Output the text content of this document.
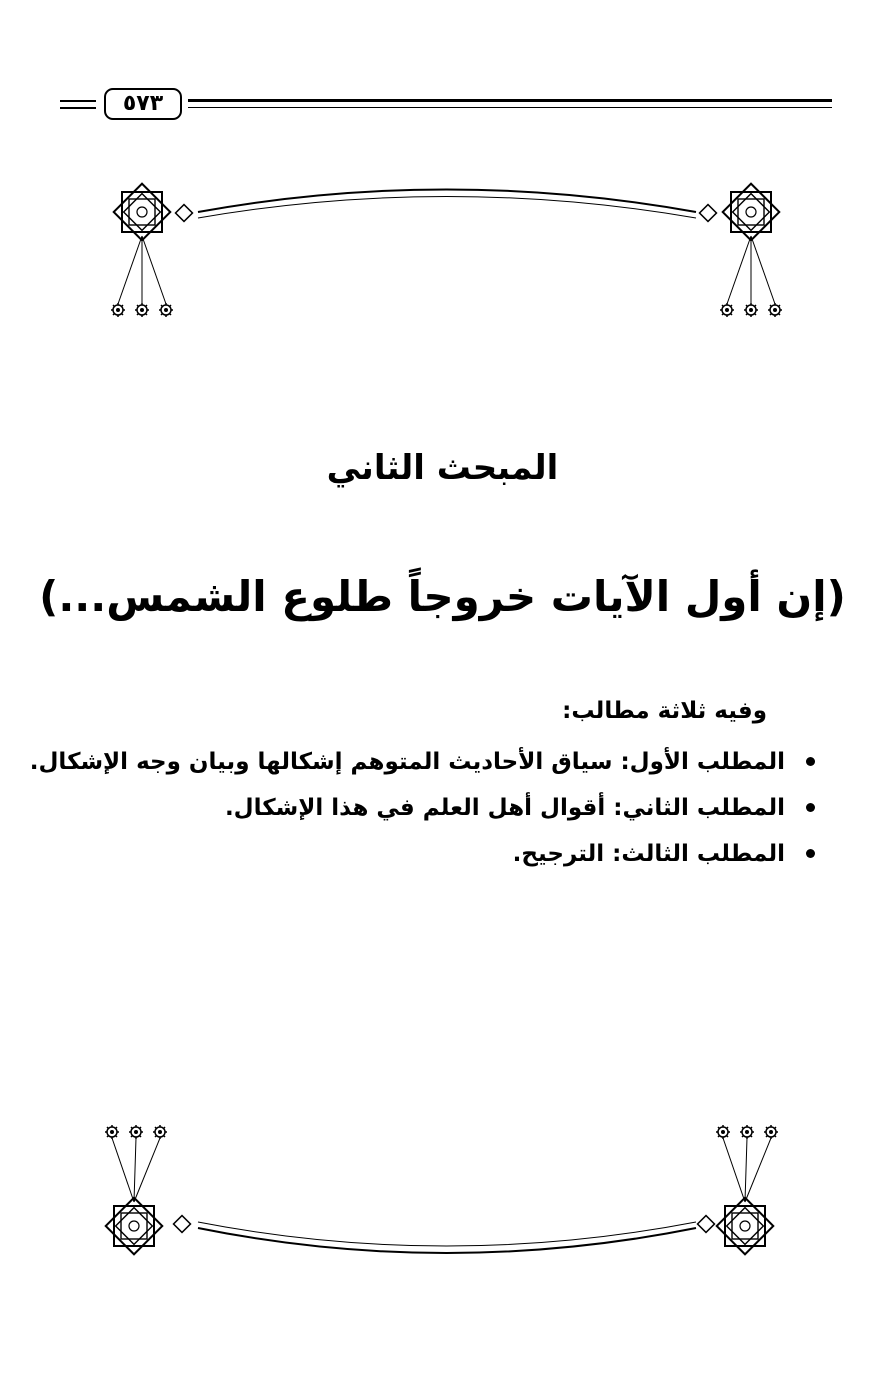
٥٧٣
المبحث الثاني
(إن أول الآيات خروجاً طلوع الشمس...)
وفيه ثلاثة مطالب:
المطلب الأول: سياق الأحاديث المتوهم إشكالها وبيان وجه الإشكال.
المطلب الثاني: أقوال أهل العلم في هذا الإشكال.
المطلب الثالث: الترجيح.
